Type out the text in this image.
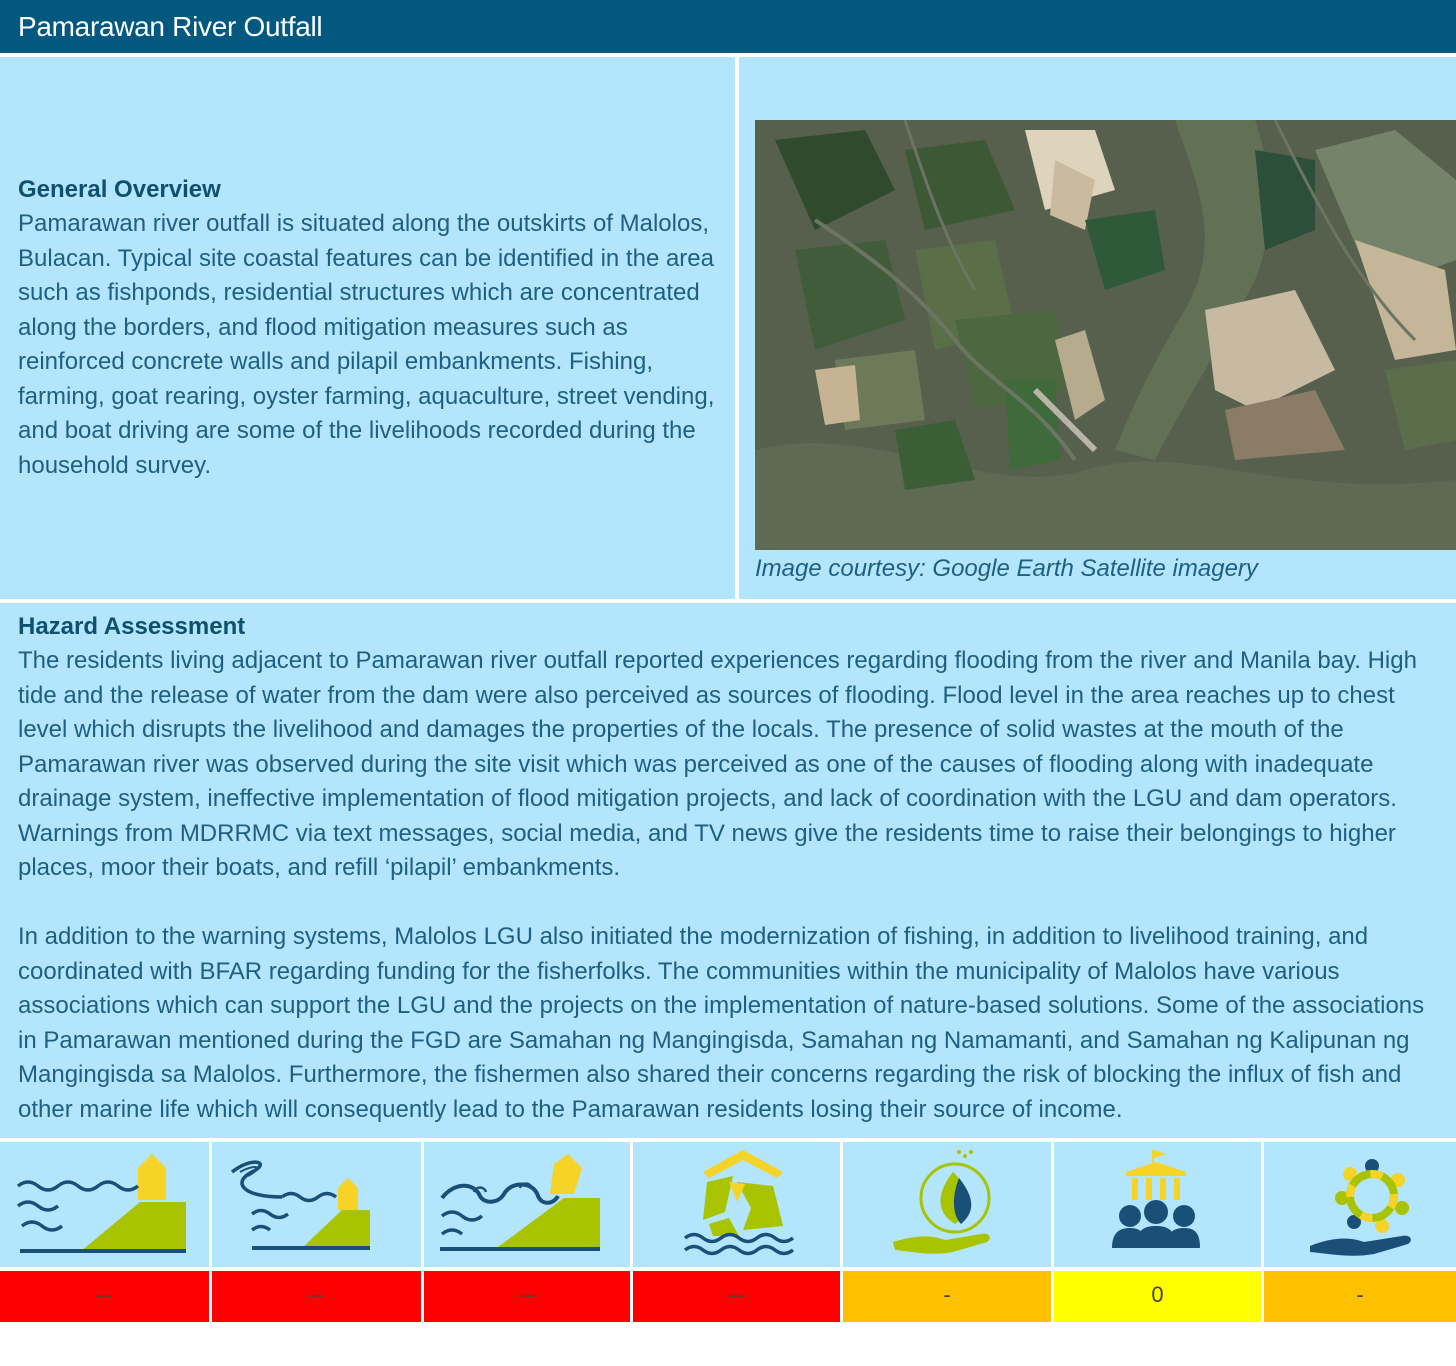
Pamarawan River Outfall
General Overview
Pamarawan river outfall is situated along the outskirts of Malolos, Bulacan. Typical site coastal features can be identified in the area such as fishponds, residential structures which are concentrated along the borders, and flood mitigation measures such as reinforced concrete walls and pilapil embankments. Fishing, farming, goat rearing, oyster farming, aquaculture, street vending, and boat driving are some of the livelihoods recorded during the household survey.
Image courtesy: Google Earth Satellite imagery
Hazard Assessment
The residents living adjacent to Pamarawan river outfall reported experiences regarding flooding from the river and Manila bay. High tide and the release of water from the dam were also perceived as sources of flooding. Flood level in the area reaches up to chest level which disrupts the livelihood and damages the properties of the locals. The presence of solid wastes at the mouth of the Pamarawan river was observed during the site visit which was perceived as one of the causes of flooding along with inadequate drainage system, ineffective implementation of flood mitigation projects, and lack of coordination with the LGU and dam operators. Warnings from MDRRMC via text messages, social media, and TV news give the residents time to raise their belongings to higher places, moor their boats, and refill ‘pilapil’ embankments.
In addition to the warning systems, Malolos LGU also initiated the modernization of fishing, in addition to livelihood training, and coordinated with BFAR regarding funding for the fisherfolks. The communities within the municipality of Malolos have various associations which can support the LGU and the projects on the implementation of nature-based solutions. Some of the associations in Pamarawan mentioned during the FGD are Samahan ng Mangingisda, Samahan ng Namamanti, and Samahan ng Kalipunan ng Mangingisda sa Malolos. Furthermore, the fishermen also shared their concerns regarding the risk of blocking the influx of fish and other marine life which will consequently lead to the Pamarawan residents losing their source of income.
--	--	--	--	-	0	-
